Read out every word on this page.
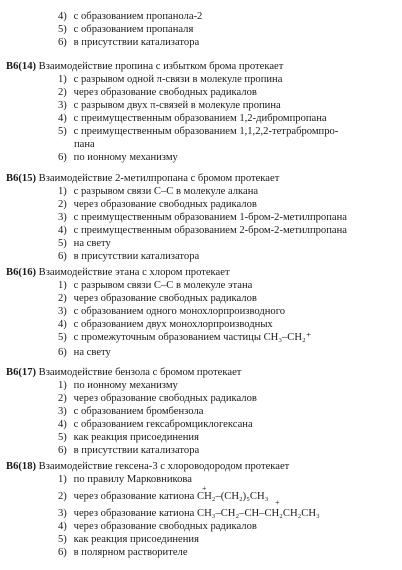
4) с образованием пропанола-2
5) с образованием пропаналя
6) в присутствии катализатора
B6(14) Взаимодействие пропина с избытком брома протекает
1) с разрывом одной π-связи в молекуле пропина
2) через образование свободных радикалов
3) с разрывом двух π-связей в молекуле пропина
4) с преимущественным образованием 1,2-дибромпропана
5) с преимущественным образованием 1,1,2,2-тетрабромпро-
пана
6) по ионному механизму
B6(15) Взаимодействие 2-метилпропана с бромом протекает
1) с разрывом связи С–С в молекуле алкана
2) через образование свободных радикалов
3) с преимущественным образованием 1-бром-2-метилпропана
4) с преимущественным образованием 2-бром-2-метилпропана
5) на свету
6) в присутствии катализатора
B6(16) Взаимодействие этана с хлором протекает
1) с разрывом связи С–С в молекуле этана
2) через образование свободных радикалов
3) с образованием одного монохлорпроизводного
4) с образованием двух монохлорпроизводных
5) с промежуточным образованием частицы CH₃–CH₂⁺
6) на свету
B6(17) Взаимодействие бензола с бромом протекает
1) по ионному механизму
2) через образование свободных радикалов
3) с образованием бромбензола
4) с образованием гексабромциклогексана
5) как реакция присоединения
6) в присутствии катализатора
B6(18) Взаимодействие гексена-3 с хлороводородом протекает
1) по правилу Марковникова
+
2) через образование катиона CH₂–(CH₂)₅CH₃
+
3) через образование катиона CH₃–CH₂–CH–CH₂CH₂CH₃
4) через образование свободных радикалов
5) как реакция присоединения
6) в полярном растворителе
